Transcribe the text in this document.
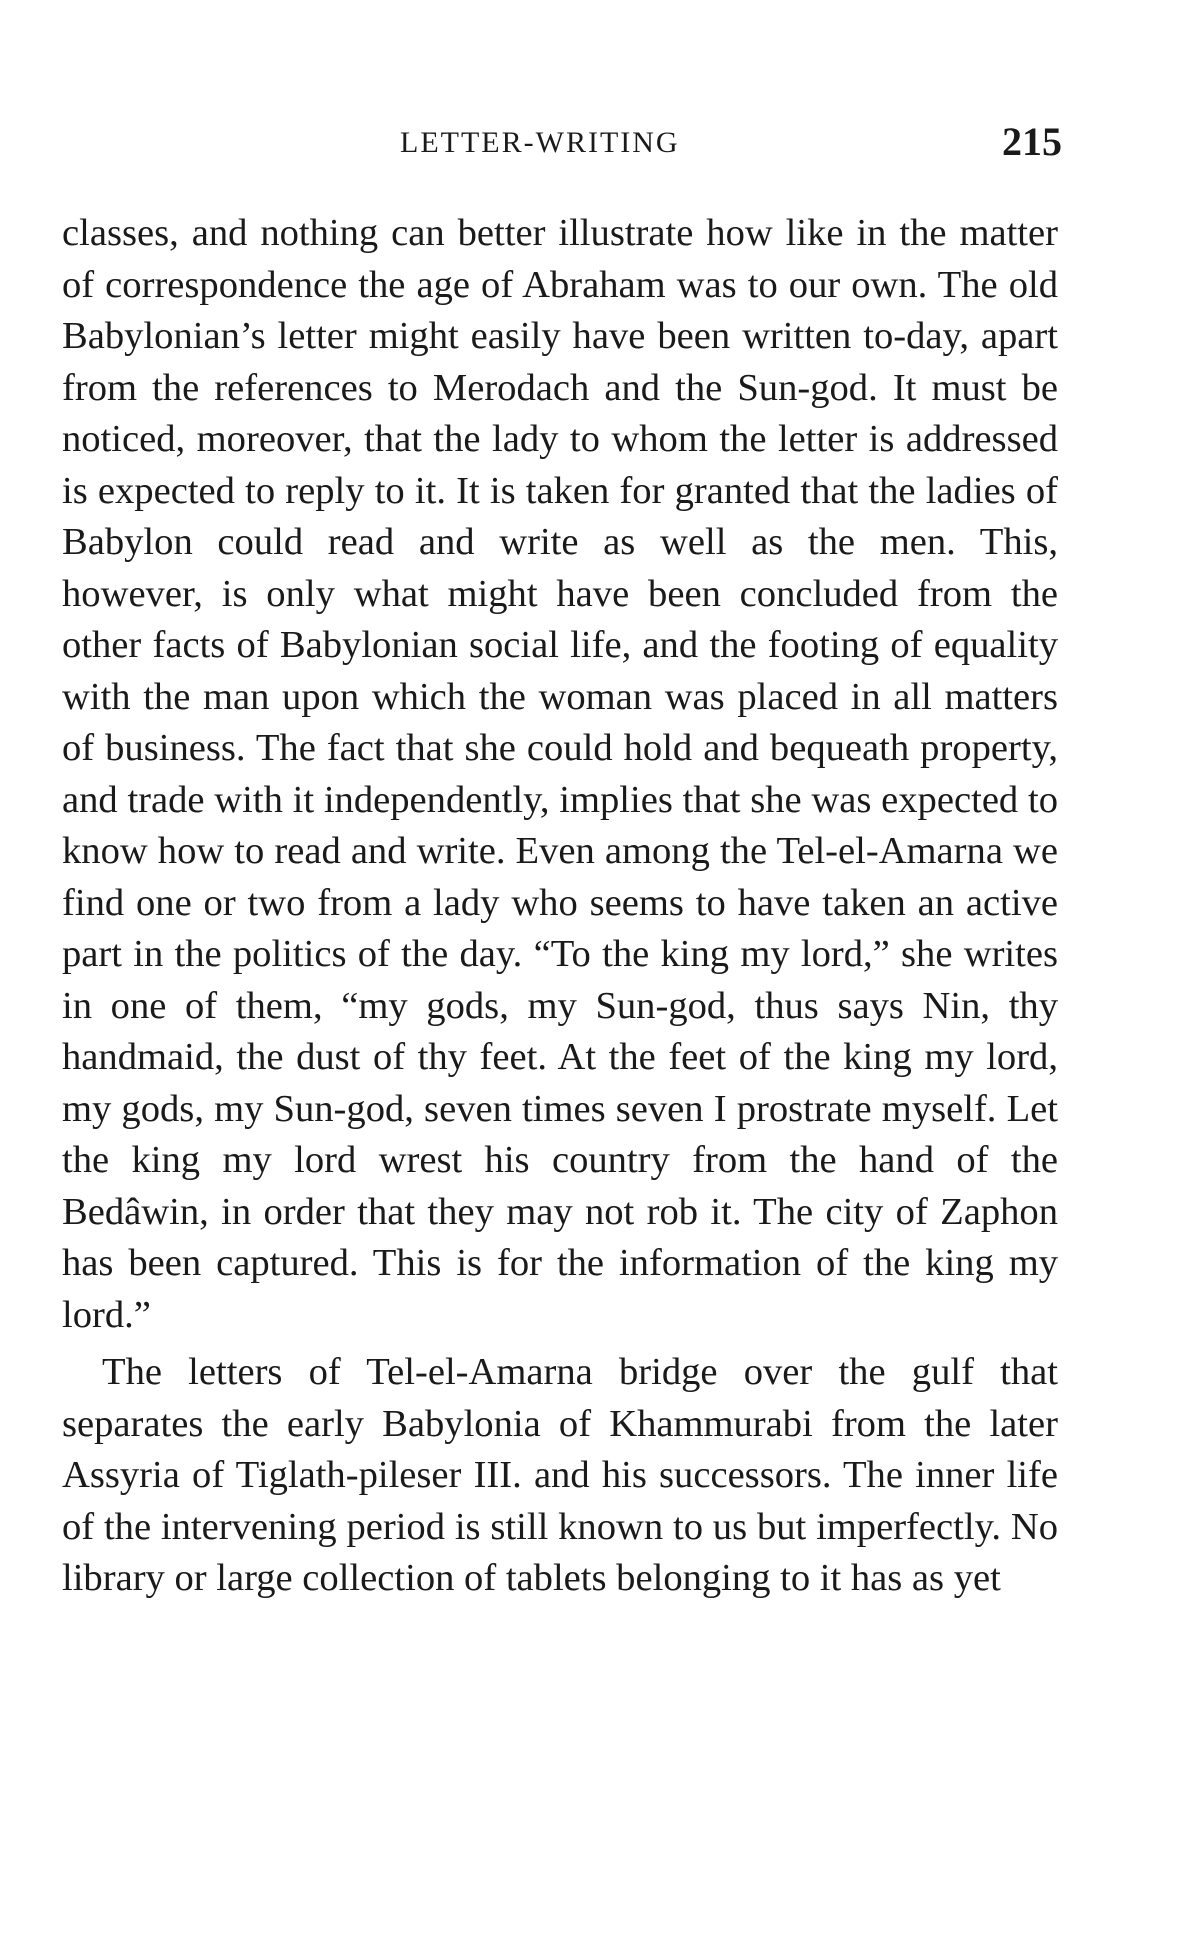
LETTER-WRITING	215

classes, and nothing can better illustrate how like in the matter of correspondence the age of Abraham was to our own. The old Babylonian’s letter might easily have been written to-day, apart from the references to Merodach and the Sun-god. It must be noticed, moreover, that the lady to whom the letter is addressed is expected to reply to it. It is taken for granted that the ladies of Babylon could read and write as well as the men. This, however, is only what might have been concluded from the other facts of Babylonian social life, and the footing of equality with the man upon which the woman was placed in all matters of business. The fact that she could hold and bequeath property, and trade with it independently, implies that she was expected to know how to read and write. Even among the Tel-el-Amarna we find one or two from a lady who seems to have taken an active part in the politics of the day. “To the king my lord,” she writes in one of them, “my gods, my Sun-god, thus says Nin, thy handmaid, the dust of thy feet. At the feet of the king my lord, my gods, my Sun-god, seven times seven I prostrate myself. Let the king my lord wrest his country from the hand of the Bedâwin, in order that they may not rob it. The city of Zaphon has been captured. This is for the information of the king my lord.”

The letters of Tel-el-Amarna bridge over the gulf that separates the early Babylonia of Khammurabi from the later Assyria of Tiglath-pileser III. and his successors. The inner life of the intervening period is still known to us but imperfectly. No library or large collection of tablets belonging to it has as yet
